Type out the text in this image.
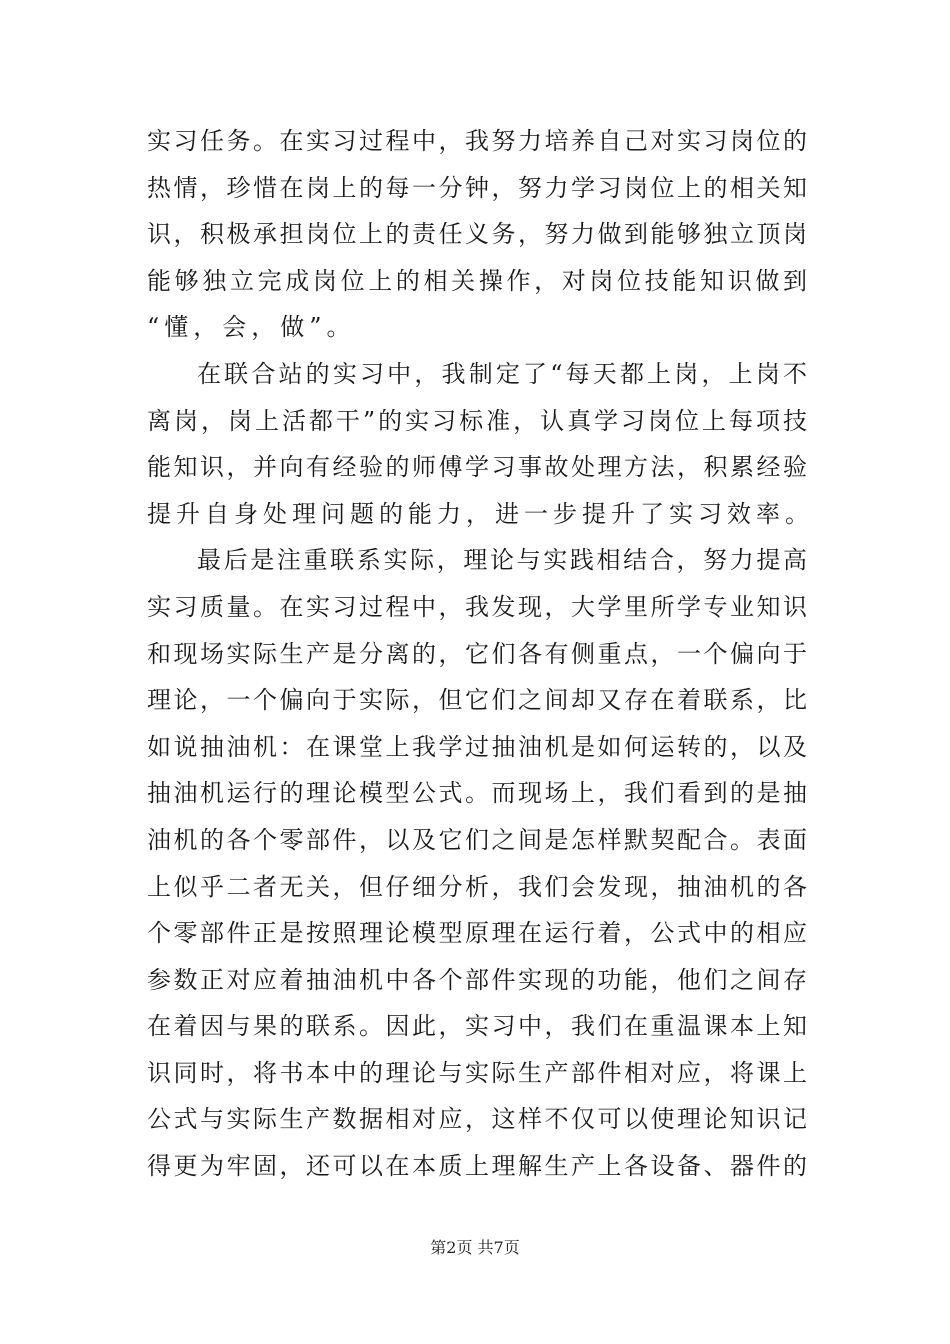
实习任务。在实习过程中，我努力培养自己对实习岗位的
热情，珍惜在岗上的每一分钟，努力学习岗位上的相关知
识，积极承担岗位上的责任义务，努力做到能够独立顶岗
能够独立完成岗位上的相关操作，对岗位技能知识做到
“懂，会，做”。
在联合站的实习中，我制定了“每天都上岗，上岗不
离岗，岗上活都干”的实习标准，认真学习岗位上每项技
能知识，并向有经验的师傅学习事故处理方法，积累经验
提升自身处理问题的能力，进一步提升了实习效率。
最后是注重联系实际，理论与实践相结合，努力提高
实习质量。在实习过程中，我发现，大学里所学专业知识
和现场实际生产是分离的，它们各有侧重点，一个偏向于
理论，一个偏向于实际，但它们之间却又存在着联系，比
如说抽油机：在课堂上我学过抽油机是如何运转的，以及
抽油机运行的理论模型公式。而现场上，我们看到的是抽
油机的各个零部件，以及它们之间是怎样默契配合。表面
上似乎二者无关，但仔细分析，我们会发现，抽油机的各
个零部件正是按照理论模型原理在运行着，公式中的相应
参数正对应着抽油机中各个部件实现的功能，他们之间存
在着因与果的联系。因此，实习中，我们在重温课本上知
识同时，将书本中的理论与实际生产部件相对应，将课上
公式与实际生产数据相对应，这样不仅可以使理论知识记
得更为牢固，还可以在本质上理解生产上各设备、器件的
第2页 共7页
